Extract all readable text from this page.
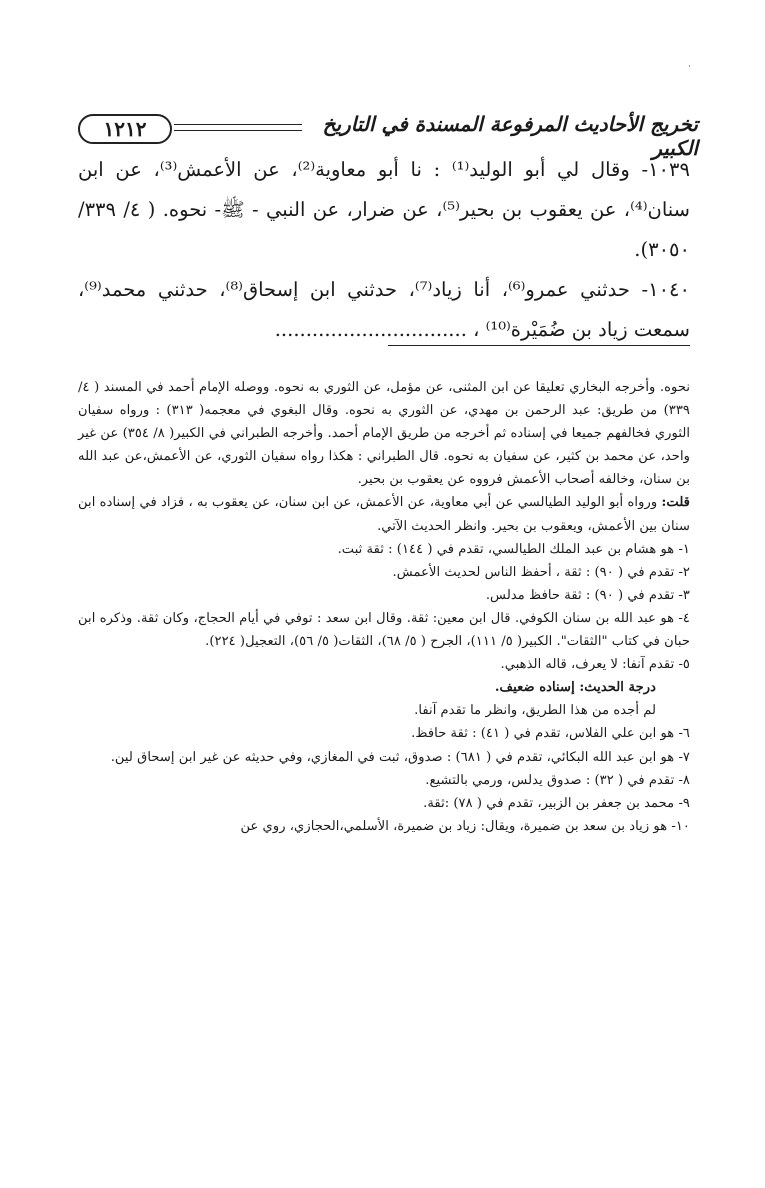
·
١٢١٢	تخريج الأحاديث المرفوعة المسندة في التاريخ الكبير

١٠٣٩- وقال لي أبو الوليد⁽¹⁾ : نا أبو معاوية⁽²⁾، عن الأعمش⁽³⁾، عن ابن سنان⁽⁴⁾، عن يعقوب بن بحير⁽⁵⁾، عن ضرار، عن النبي - ﷺ- نحوه. ( ٤/ ٣٣٩/ ٣٠٥٠).

١٠٤٠- حدثني عمرو⁽⁶⁾، أنا زياد⁽⁷⁾، حدثني ابن إسحاق⁽⁸⁾، حدثني محمد⁽⁹⁾، سمعت زياد بن ضُمَيْرة⁽¹⁰⁾ ، ...............................

نحوه. وأخرجه البخاري تعليقا عن ابن المثنى، عن مؤمل، عن الثوري به نحوه. ووصله الإمام أحمد في المسند ( ٤/ ٣٣٩) من طريق: عبد الرحمن بن مهدي، عن الثوري به نحوه. وقال البغوي في معجمه( ٣١٣) : ورواه سفيان الثوري فخالفهم جميعا في إسناده ثم أخرجه من طريق الإمام أحمد. وأخرجه الطبراني في الكبير( ٨/ ٣٥٤) عن غير واحد، عن محمد بن كثير، عن سفيان به نحوه. قال الطبراني : هكذا رواه سفيان الثوري، عن الأعمش،عن عبد الله بن سنان، وخالفه أصحاب الأعمش فرووه عن يعقوب بن بحير.

قلت: ورواه أبو الوليد الطيالسي عن أبي معاوية، عن الأعمش، عن ابن سنان، عن يعقوب به ، فزاد في إسناده ابن سنان بين الأعمش، ويعقوب بن بحير. وانظر الحديث الآتي.

١- هو هشام بن عبد الملك الطيالسي، تقدم في ( ١٤٤) : ثقة ثبت.

٢- تقدم في ( ٩٠) : ثقة ، أحفظ الناس لحديث الأعمش.

٣- تقدم في ( ٩٠) : ثقة حافظ مدلس.

٤- هو عبد الله بن سنان الكوفي. قال ابن معين: ثقة. وقال ابن سعد : توفي في أيام الحجاج، وكان ثقة. وذكره ابن حبان في كتاب "الثقات". الكبير( ٥/ ١١١)، الجرح ( ٥/ ٦٨)، الثقات( ٥/ ٥٦)، التعجيل( ٢٢٤).

٥- تقدم آنفا: لا يعرف، قاله الذهبي.

درجة الحديث: إسناده ضعيف.

لم أجده من هذا الطريق، وانظر ما تقدم آنفا.

٦- هو ابن علي الفلاس، تقدم في ( ٤١) : ثقة حافظ.

٧- هو ابن عبد الله البكائي، تقدم في ( ٦٨١) : صدوق، ثبت في المغازي، وفي حديثه عن غير ابن إسحاق لين.

٨- تقدم في ( ٣٢) : صدوق يدلس، ورمي بالتشيع.

٩- محمد بن جعفر بن الزبير، تقدم في ( ٧٨) :ثقة.

١٠- هو زياد بن سعد بن ضميرة، ويقال: زياد بن ضميرة، الأسلمي،الحجازي، روي عن
